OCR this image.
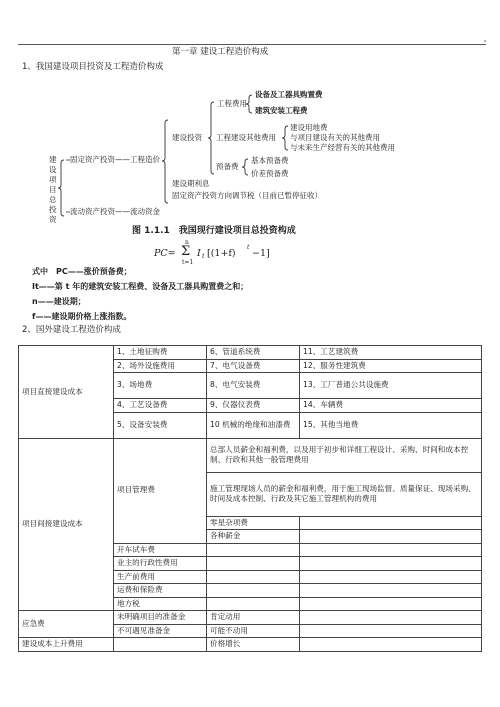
第一章 建设工程造价构成
1、我国建设项目投资及工程造价构成
建
设
项
目
总
投
资
固定资产投资——工程造价
流动资产投资——流动资金
建设投资
工程费用
设备及工器具购置费
建筑安装工程费
工程建设其他费用
建设用地费
与项目建设有关的其他费用
与未来生产经营有关的其他费用
预备费
基本预备费
价差预备费
建设期利息
固定资产投资方向调节税（目前已暂停征收）
图 1.1.1　我国现行建设项目总投资构成
PC=
n
Σ
t=1
I t [(1+f)
t
−1]
式中　PC——涨价预备费；
It——第 t 年的建筑安装工程费、设备及工器具购置费之和；
n——建设期；
f——建设期价格上涨指数。
2、国外建设工程造价构成
项目直接建设成本	1、土地征购费	6、管道系统费	11、工艺建筑费
	2、场外设施费用	7、电气设备费	12、服务性建筑费
	3、场地费	8、电气安装费	13、工厂普通公共设施费
	4、工艺设备费	9、仪器仪表费	14、车辆费
	5、设备安装费	10 机械的绝缘和油漆费	15、其他当地费
项目间接建设成本	项目管理费	总部人员薪金和福利费，以及用于初步和详细工程设计、采购、时间和成本控制、行政和其他一般管理费用	
		施工管理现场人员的薪金和福利费，用于施工现场监督、质量保证、现场采购、时间及成本控制、行政及其它施工管理机构的费用	
		零星杂项费	
		各种薪金	
	开车试车费		
	业主的行政性费用		
	生产前费用		
	运费和保险费		
	地方税		
应急费	未明确项目的准备金	肯定动用	
	不可遇见准备金	可能不动用	
建设成本上升费用		价格增长	
